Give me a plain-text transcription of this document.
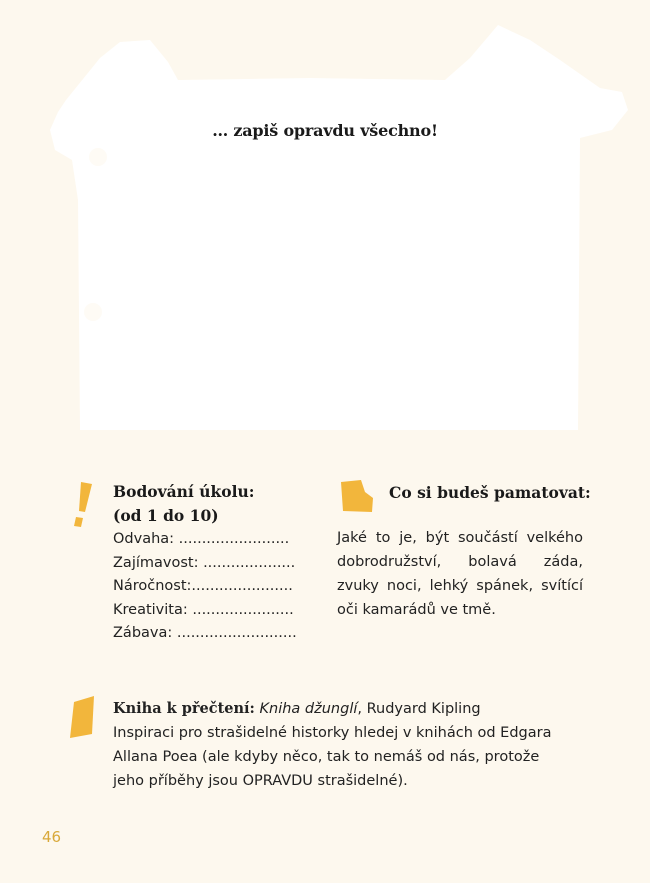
… zapiš opravdu všechno!
Bodování úkolu:
(od 1 do 10)
Odvaha: ........................
Zajímavost: ....................
Náročnost:......................
Kreativita: ......................
Zábava: ..........................
Co si budeš pamatovat:
Jaké to je, být součástí velkého dobrodružství, bolavá záda, zvuky noci, lehký spánek, svítící oči kamarádů ve tmě.
Kniha k přečtení: Kniha džunglí, Rudyard Kipling
Inspiraci pro strašidelné historky hledej v knihách od Edgara Allana Poea (ale kdyby něco, tak to nemáš od nás, protože jeho příběhy jsou OPRAVDU strašidelné).
46
